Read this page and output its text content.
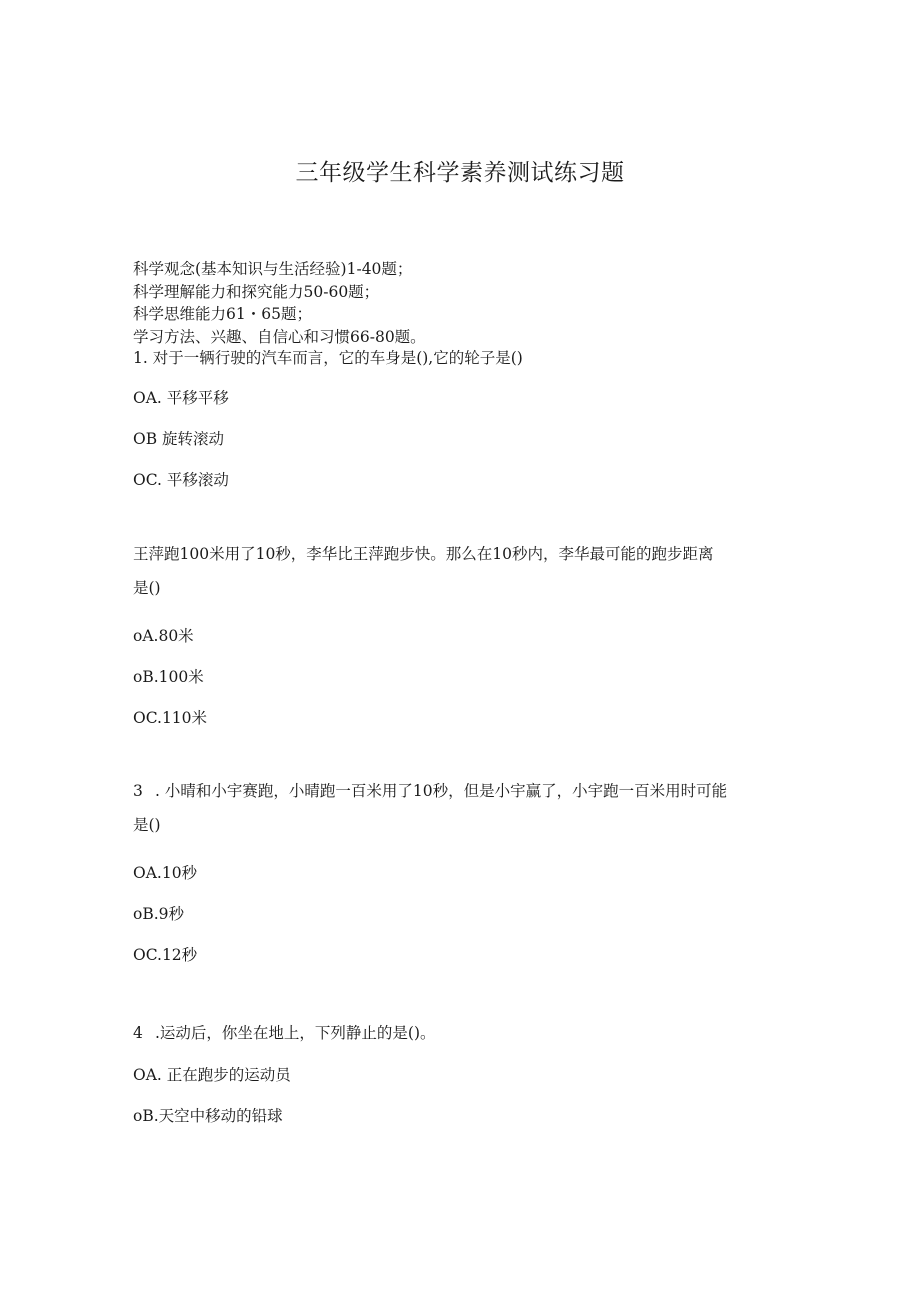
三年级学生科学素养测试练习题
科学观念(基本知识与生活经验)1-40题；
科学理解能力和探究能力50-60题；
科学思维能力61・65题；
学习方法、兴趣、自信心和习惯66-80题。
1. 对于一辆行驶的汽车而言，它的车身是(),它的轮子是()
OA. 平移平移
OB 旋转滚动
OC. 平移滚动
王萍跑100米用了10秒，李华比王萍跑步快。那么在10秒内，李华最可能的跑步距离
是()
oA.80米
oB.100米
OC.110米
3 . 小晴和小宇赛跑，小晴跑一百米用了10秒，但是小宇赢了，小宇跑一百米用时可能
是()
OA.10秒
oB.9秒
OC.12秒
4 .运动后，你坐在地上，下列静止的是()。
OA. 正在跑步的运动员
oB.天空中移动的铅球
